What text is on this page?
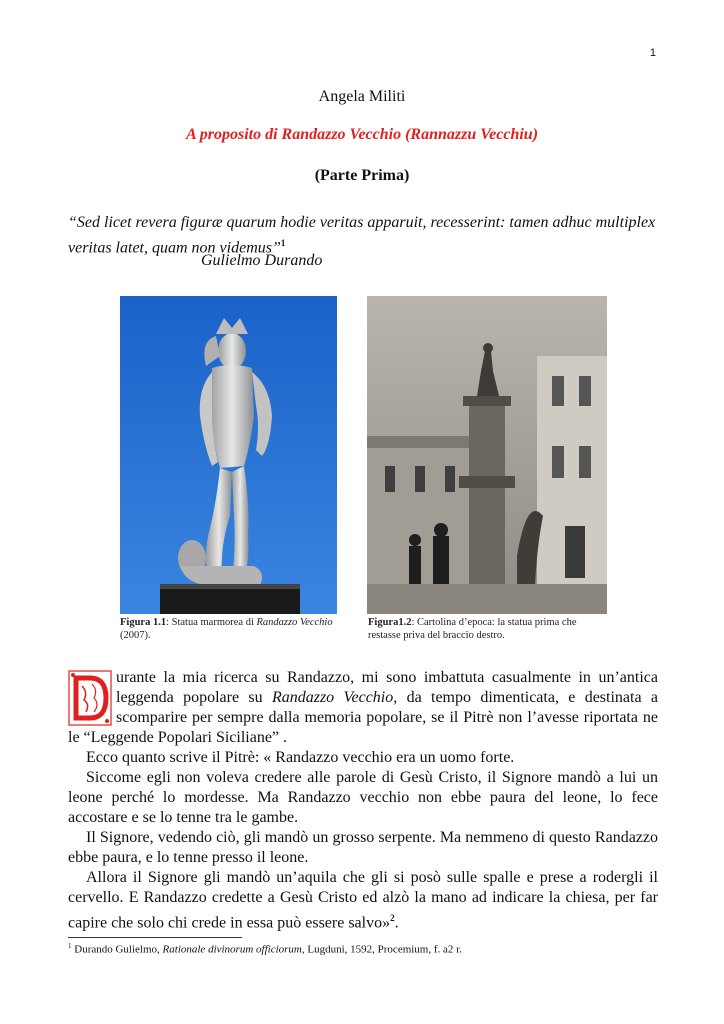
1
Angela Militi
A proposito di Randazzo Vecchio (Rannazzu Vecchiu)
(Parte Prima)
“Sed licet revera figuræ quarum hodie veritas apparuit, recesserint: tamen adhuc multiplex veritas latet, quam non videmus”$^1$
Gulielmo Durando
Figura 1.1: Statua marmorea di Randazzo Vecchio (2007).
Figura1.2: Cartolina d’epoca: la statua prima che restasse priva del braccio destro.

urante la mia ricerca su Randazzo, mi sono imbattuta casualmente in un’antica leggenda popolare su Randazzo Vecchio, da tempo dimenticata, e destinata a scomparire per sempre dalla memoria popolare, se il Pitrè non l’avesse riportata ne le “Leggende Popolari Siciliane” .

Ecco quanto scrive il Pitrè: « Randazzo vecchio era un uomo forte.

Siccome egli non voleva credere alle parole di Gesù Cristo, il Signore mandò a lui un leone perché lo mordesse. Ma Randazzo vecchio non ebbe paura del leone, lo fece accostare e se lo tenne tra le gambe.

Il Signore, vedendo ciò, gli mandò un grosso serpente. Ma nemmeno di questo Randazzo ebbe paura, e lo tenne presso il leone.

Allora il Signore gli mandò un’aquila che gli si posò sulle spalle e prese a rodergli il cervello. E Randazzo credette a Gesù Cristo ed alzò la mano ad indicare la chiesa, per far capire che solo chi crede in essa può essere salvo»$^2$.

$^1$ Durando Gulielmo, Rationale divinorum officiorum, Lugduni, 1592, Procemium, f. a2 r.
